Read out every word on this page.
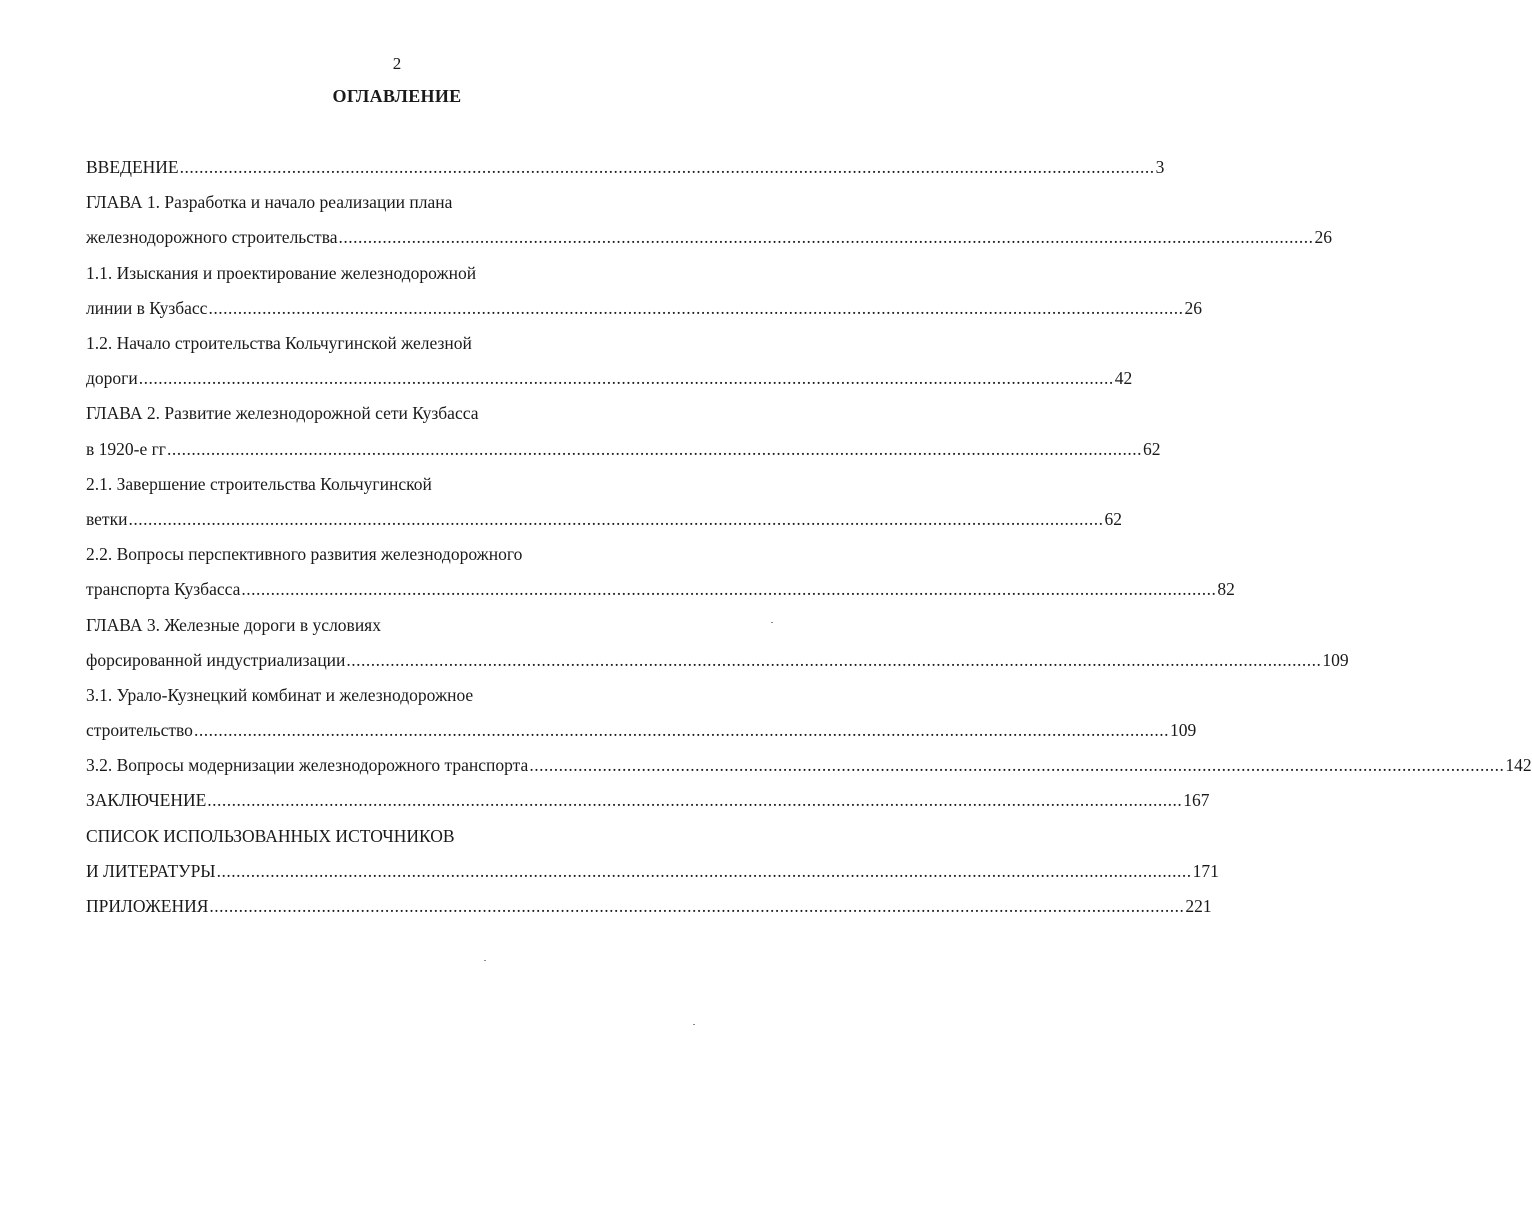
2
ОГЛАВЛЕНИЕ
ВВЕДЕНИЕ ........................................................................................................................................................................................................ 3
ГЛАВА 1. Разработка и начало реализации плана
железнодорожного строительства ........................................................................................................................................................................................................ 26
1.1. Изыскания и проектирование железнодорожной
линии в Кузбасс ........................................................................................................................................................................................................ 26
1.2. Начало строительства Кольчугинской железной
дороги ........................................................................................................................................................................................................ 42
ГЛАВА 2. Развитие железнодорожной сети Кузбасса
в 1920-е гг ........................................................................................................................................................................................................ 62
2.1. Завершение строительства Кольчугинской
ветки ........................................................................................................................................................................................................ 62
2.2. Вопросы перспективного развития железнодорожного
транспорта Кузбасса ........................................................................................................................................................................................................ 82
ГЛАВА 3. Железные дороги в условиях
форсированной индустриализации ........................................................................................................................................................................................................ 109
3.1. Урало-Кузнецкий комбинат и железнодорожное
строительство ........................................................................................................................................................................................................ 109
3.2. Вопросы модернизации железнодорожного транспорта ........................................................................................................................................................................................................ 142
ЗАКЛЮЧЕНИЕ ........................................................................................................................................................................................................ 167
СПИСОК ИСПОЛЬЗОВАННЫХ ИСТОЧНИКОВ
И ЛИТЕРАТУРЫ ........................................................................................................................................................................................................ 171
ПРИЛОЖЕНИЯ ........................................................................................................................................................................................................ 221
